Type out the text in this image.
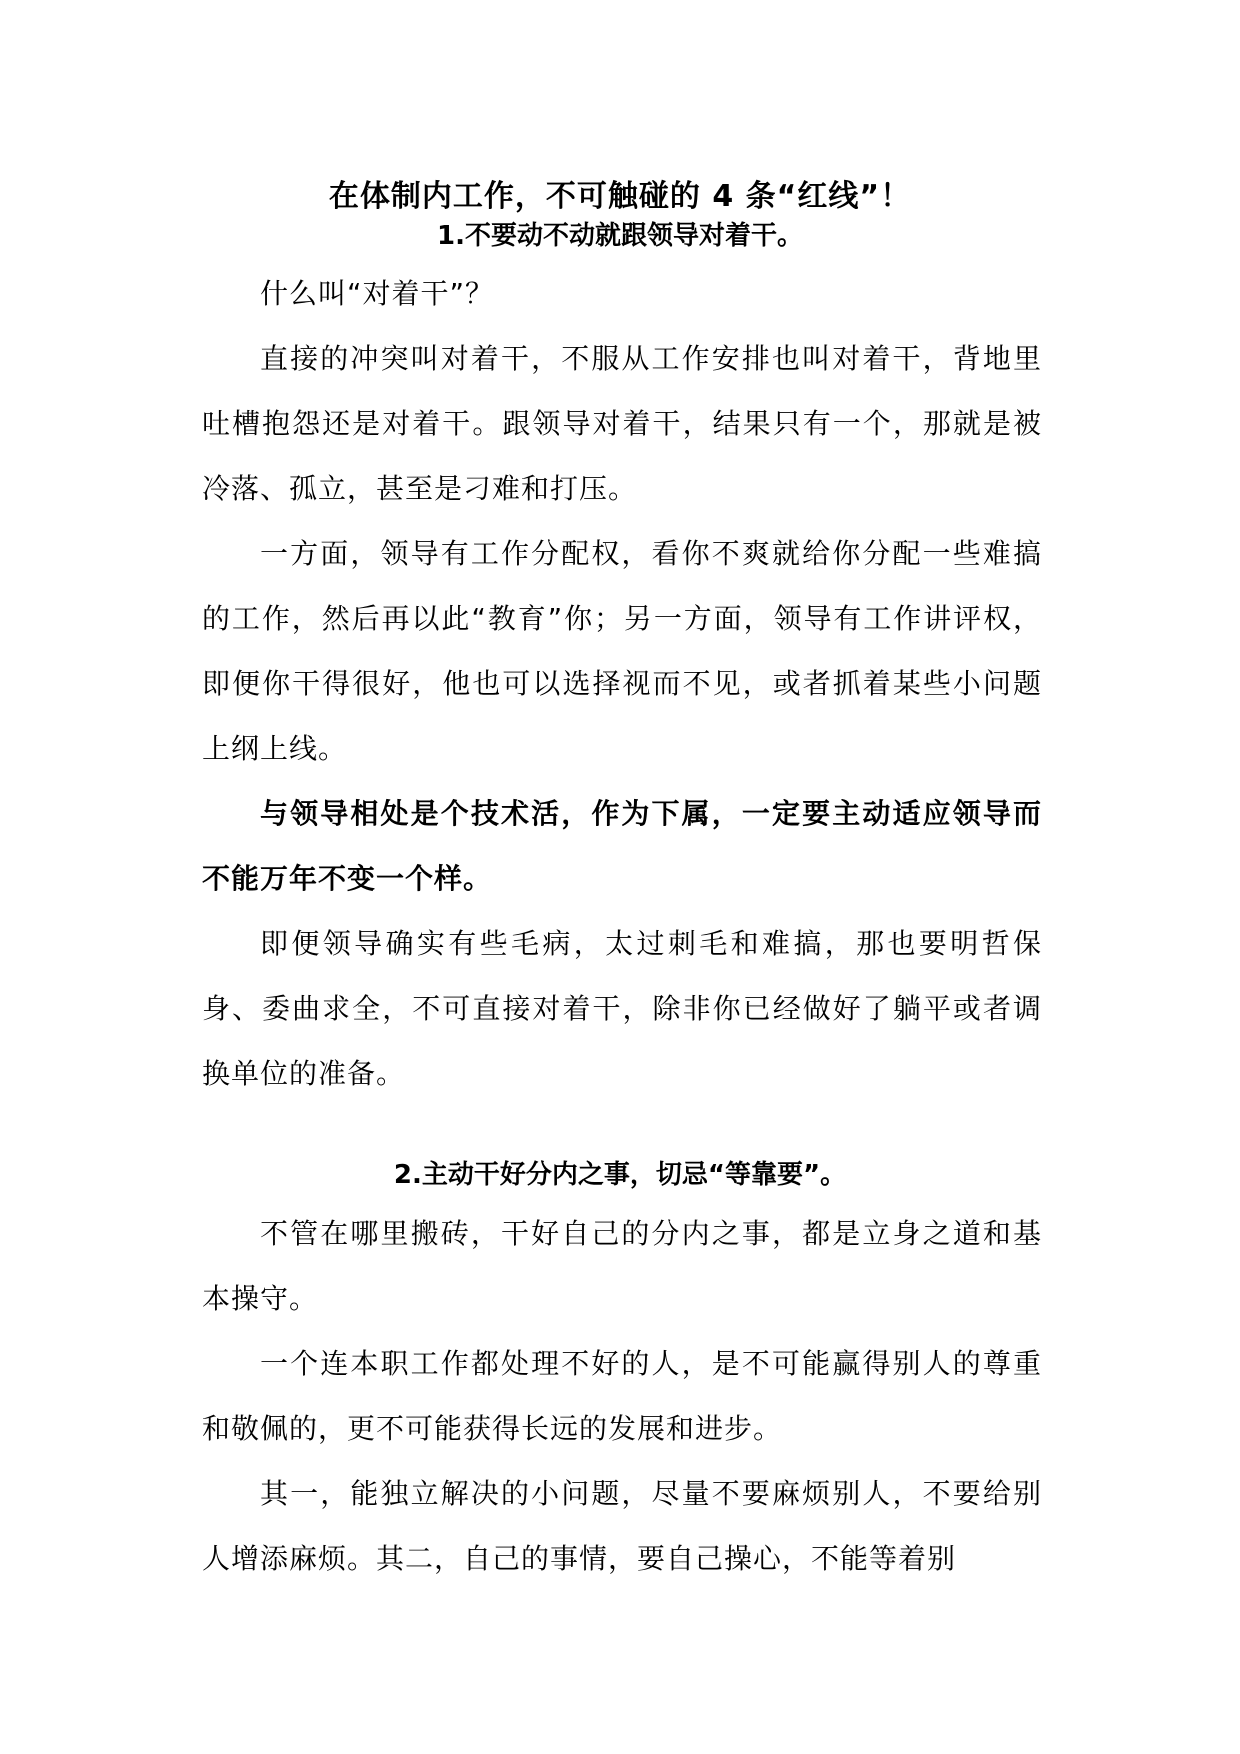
在体制内工作，不可触碰的 4 条“红线”！
1.不要动不动就跟领导对着干。

什么叫“对着干”？

直接的冲突叫对着干，不服从工作安排也叫对着干，背地里吐槽抱怨还是对着干。跟领导对着干，结果只有一个，那就是被冷落、孤立，甚至是刁难和打压。

一方面，领导有工作分配权，看你不爽就给你分配一些难搞的工作，然后再以此“教育”你；另一方面，领导有工作讲评权，即便你干得很好，他也可以选择视而不见，或者抓着某些小问题上纲上线。

与领导相处是个技术活，作为下属，一定要主动适应领导而不能万年不变一个样。

即便领导确实有些毛病，太过刺毛和难搞，那也要明哲保身、委曲求全，不可直接对着干，除非你已经做好了躺平或者调换单位的准备。

2.主动干好分内之事，切忌“等靠要”。

不管在哪里搬砖，干好自己的分内之事，都是立身之道和基本操守。

一个连本职工作都处理不好的人，是不可能赢得别人的尊重和敬佩的，更不可能获得长远的发展和进步。

其一，能独立解决的小问题，尽量不要麻烦别人，不要给别人增添麻烦。其二，自己的事情，要自己操心，不能等着别
